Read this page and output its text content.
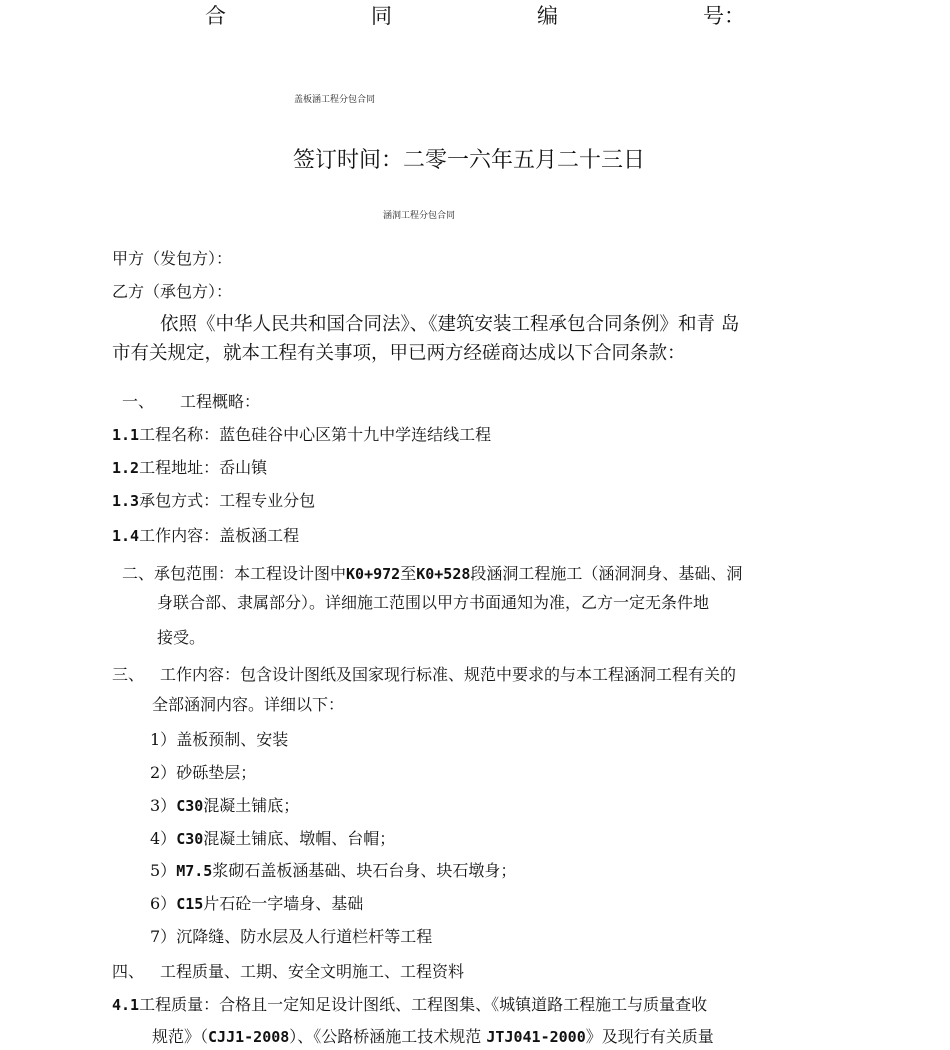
合	同	编	号：
盖板涵工程分包合同
签订时间：二零一六年五月二十三日
涵洞工程分包合同
甲方（发包方）：
乙方（承包方）：
依照《中华人民共和国合同法》、《建筑安装工程承包合同条例》和青 岛
市有关规定，就本工程有关事项，甲已两方经磋商达成以下合同条款：
一、 工程概略：
1.1工程名称：蓝色硅谷中心区第十九中学连结线工程
1.2工程地址：岙山镇
1.3承包方式：工程专业分包
1.4工作内容：盖板涵工程
二、承包范围：本工程设计图中K0+972至K0+528段涵洞工程施工（涵洞洞身、基础、洞
身联合部、隶属部分）。详细施工范围以甲方书面通知为准，乙方一定无条件地
接受。
三、 工作内容：包含设计图纸及国家现行标准、规范中要求的与本工程涵洞工程有关的
全部涵洞内容。详细以下：
1）盖板预制、安装
2）砂砾垫层；
3）C30混凝土铺底；
4）C30混凝土铺底、墩帽、台帽；
5）M7.5浆砌石盖板涵基础、块石台身、块石墩身；
6）C15片石砼一字墙身、基础
7）沉降缝、防水层及人行道栏杆等工程
四、 工程质量、工期、安全文明施工、工程资料
4.1工程质量：合格且一定知足设计图纸、工程图集、《城镇道路工程施工与质量查收
规范》（CJJ1-2008）、《公路桥涵施工技术规范 JTJ041-2000》及现行有关质量
